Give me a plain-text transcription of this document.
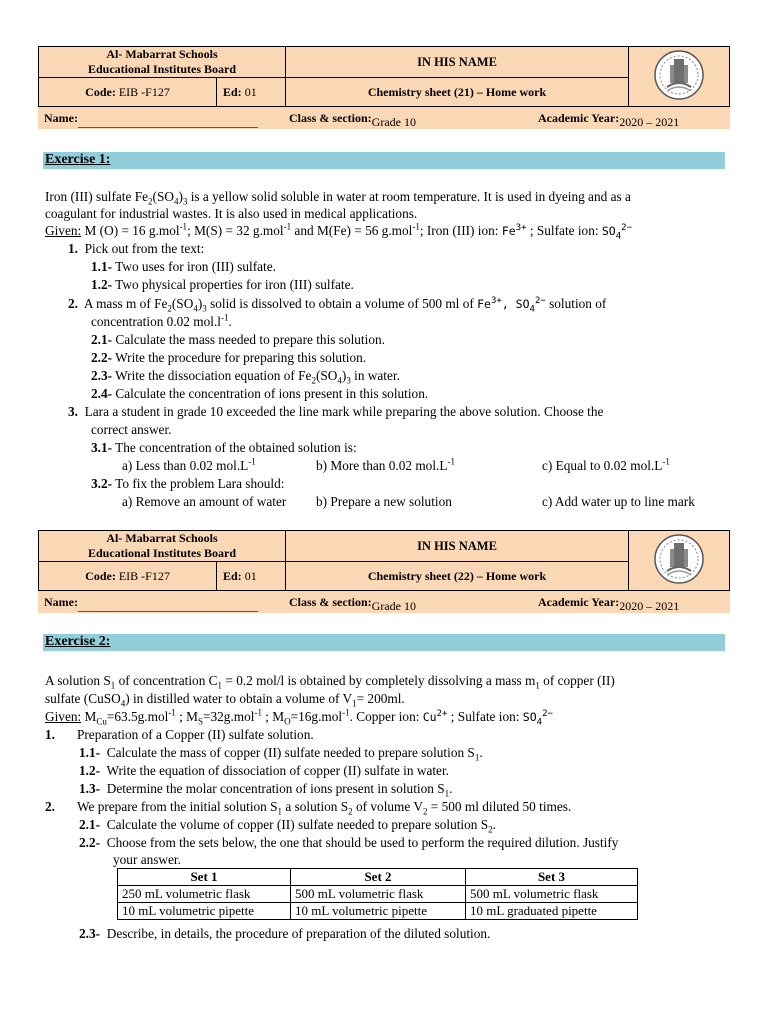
Al- Mabarrat Schools
Educational Institutes Board		IN HIS NAME	
Code: EIB -F127	Ed: 01	Chemistry sheet (21) – Home work	
Name: ______________________________	Class & section: Grade 10	Academic Year: 2020 – 2021
Exercise 1:
Iron (III) sulfate $Fe_2(SO_4)_3$ is a yellow solid soluble in water at room temperature. It is used in dyeing and as a
coagulant for industrial wastes. It is also used in medical applications.
Given: M (O) = 16 g.mol$^{-1}$; M(S) = 32 g.mol$^{-1}$ and M(Fe) = 56 g.mol$^{-1}$; Iron (III) ion: $Fe^{3+}$ ; Sulfate ion: $SO_4^{2-}$
1. Pick out from the text:
1.1- Two uses for iron (III) sulfate.
1.2- Two physical properties for iron (III) sulfate.
2.  A mass m of $Fe_2(SO_4)_3$ solid is dissolved to obtain a volume of 500 ml of $Fe^{3+}$, $SO_4^{2-}$ solution of
concentration 0.02 $mol.l^{-1}$.
2.1- Calculate the mass needed to prepare this solution.
2.2- Write the procedure for preparing this solution.
2.3- Write the dissociation equation of $Fe_2(SO_4)_3$ in water.
2.4- Calculate the concentration of ions present in this solution.
3. Lara a student in grade 10 exceeded the line mark while preparing the above solution. Choose the
correct answer.
3.1- The concentration of the obtained solution is:
a) Less than 0.02 $mol.L^{-1}$	b) More than 0.02 $mol.L^{-1}$	c) Equal to 0.02 $mol.L^{-1}$
3.2- To fix the problem Lara should:
a) Remove an amount of water b) Prepare a new solution	c) Add water up to line mark
Al- Mabarrat Schools
Educational Institutes Board		IN HIS NAME	
Code: EIB -F127	Ed: 01	Chemistry sheet (22) – Home work	
Name: ______________________________	Class & section: Grade 10	Academic Year: 2020 – 2021
Exercise 2:
A solution $S_1$ of concentration $C_1 = 0.2$ mol/l is obtained by completely dissolving a mass $m_1$ of copper (II)
sulfate (CuSO$_4$) in distilled water to obtain a volume of $V_1= 200ml$.
Given: $M_{Cu}=63.5g.mol^{-1}$ ; $M_S=32g.mol^{-1}$ ; $M_O=16g.mol^{-1}$. Copper ion: $Cu^{2+}$ ; Sulfate ion: $SO_4^{2-}$
1. Preparation of a Copper (II) sulfate solution.
1.1-  Calculate the mass of copper (II) sulfate needed to prepare solution $S_1$.
1.2- Write the equation of dissociation of copper (II) sulfate in water.
1.3-  Determine the molar concentration of ions present in solution $S_1$.
2. We prepare from the initial solution $S_1$ a solution $S_2$ of volume $V_2 = 500$ ml diluted 50 times.
2.1-  Calculate the volume of copper (II) sulfate needed to prepare solution $S_2$.
2.2- Choose from the sets below, the one that should be used to perform the required dilution. Justify
your answer.
Set 1	Set 2	Set 3
250 mL volumetric flask	500 mL volumetric flask	500 mL volumetric flask
10 mL volumetric pipette	10 mL volumetric pipette	10 mL graduated pipette
2.3- Describe, in details, the procedure of preparation of the diluted solution.
